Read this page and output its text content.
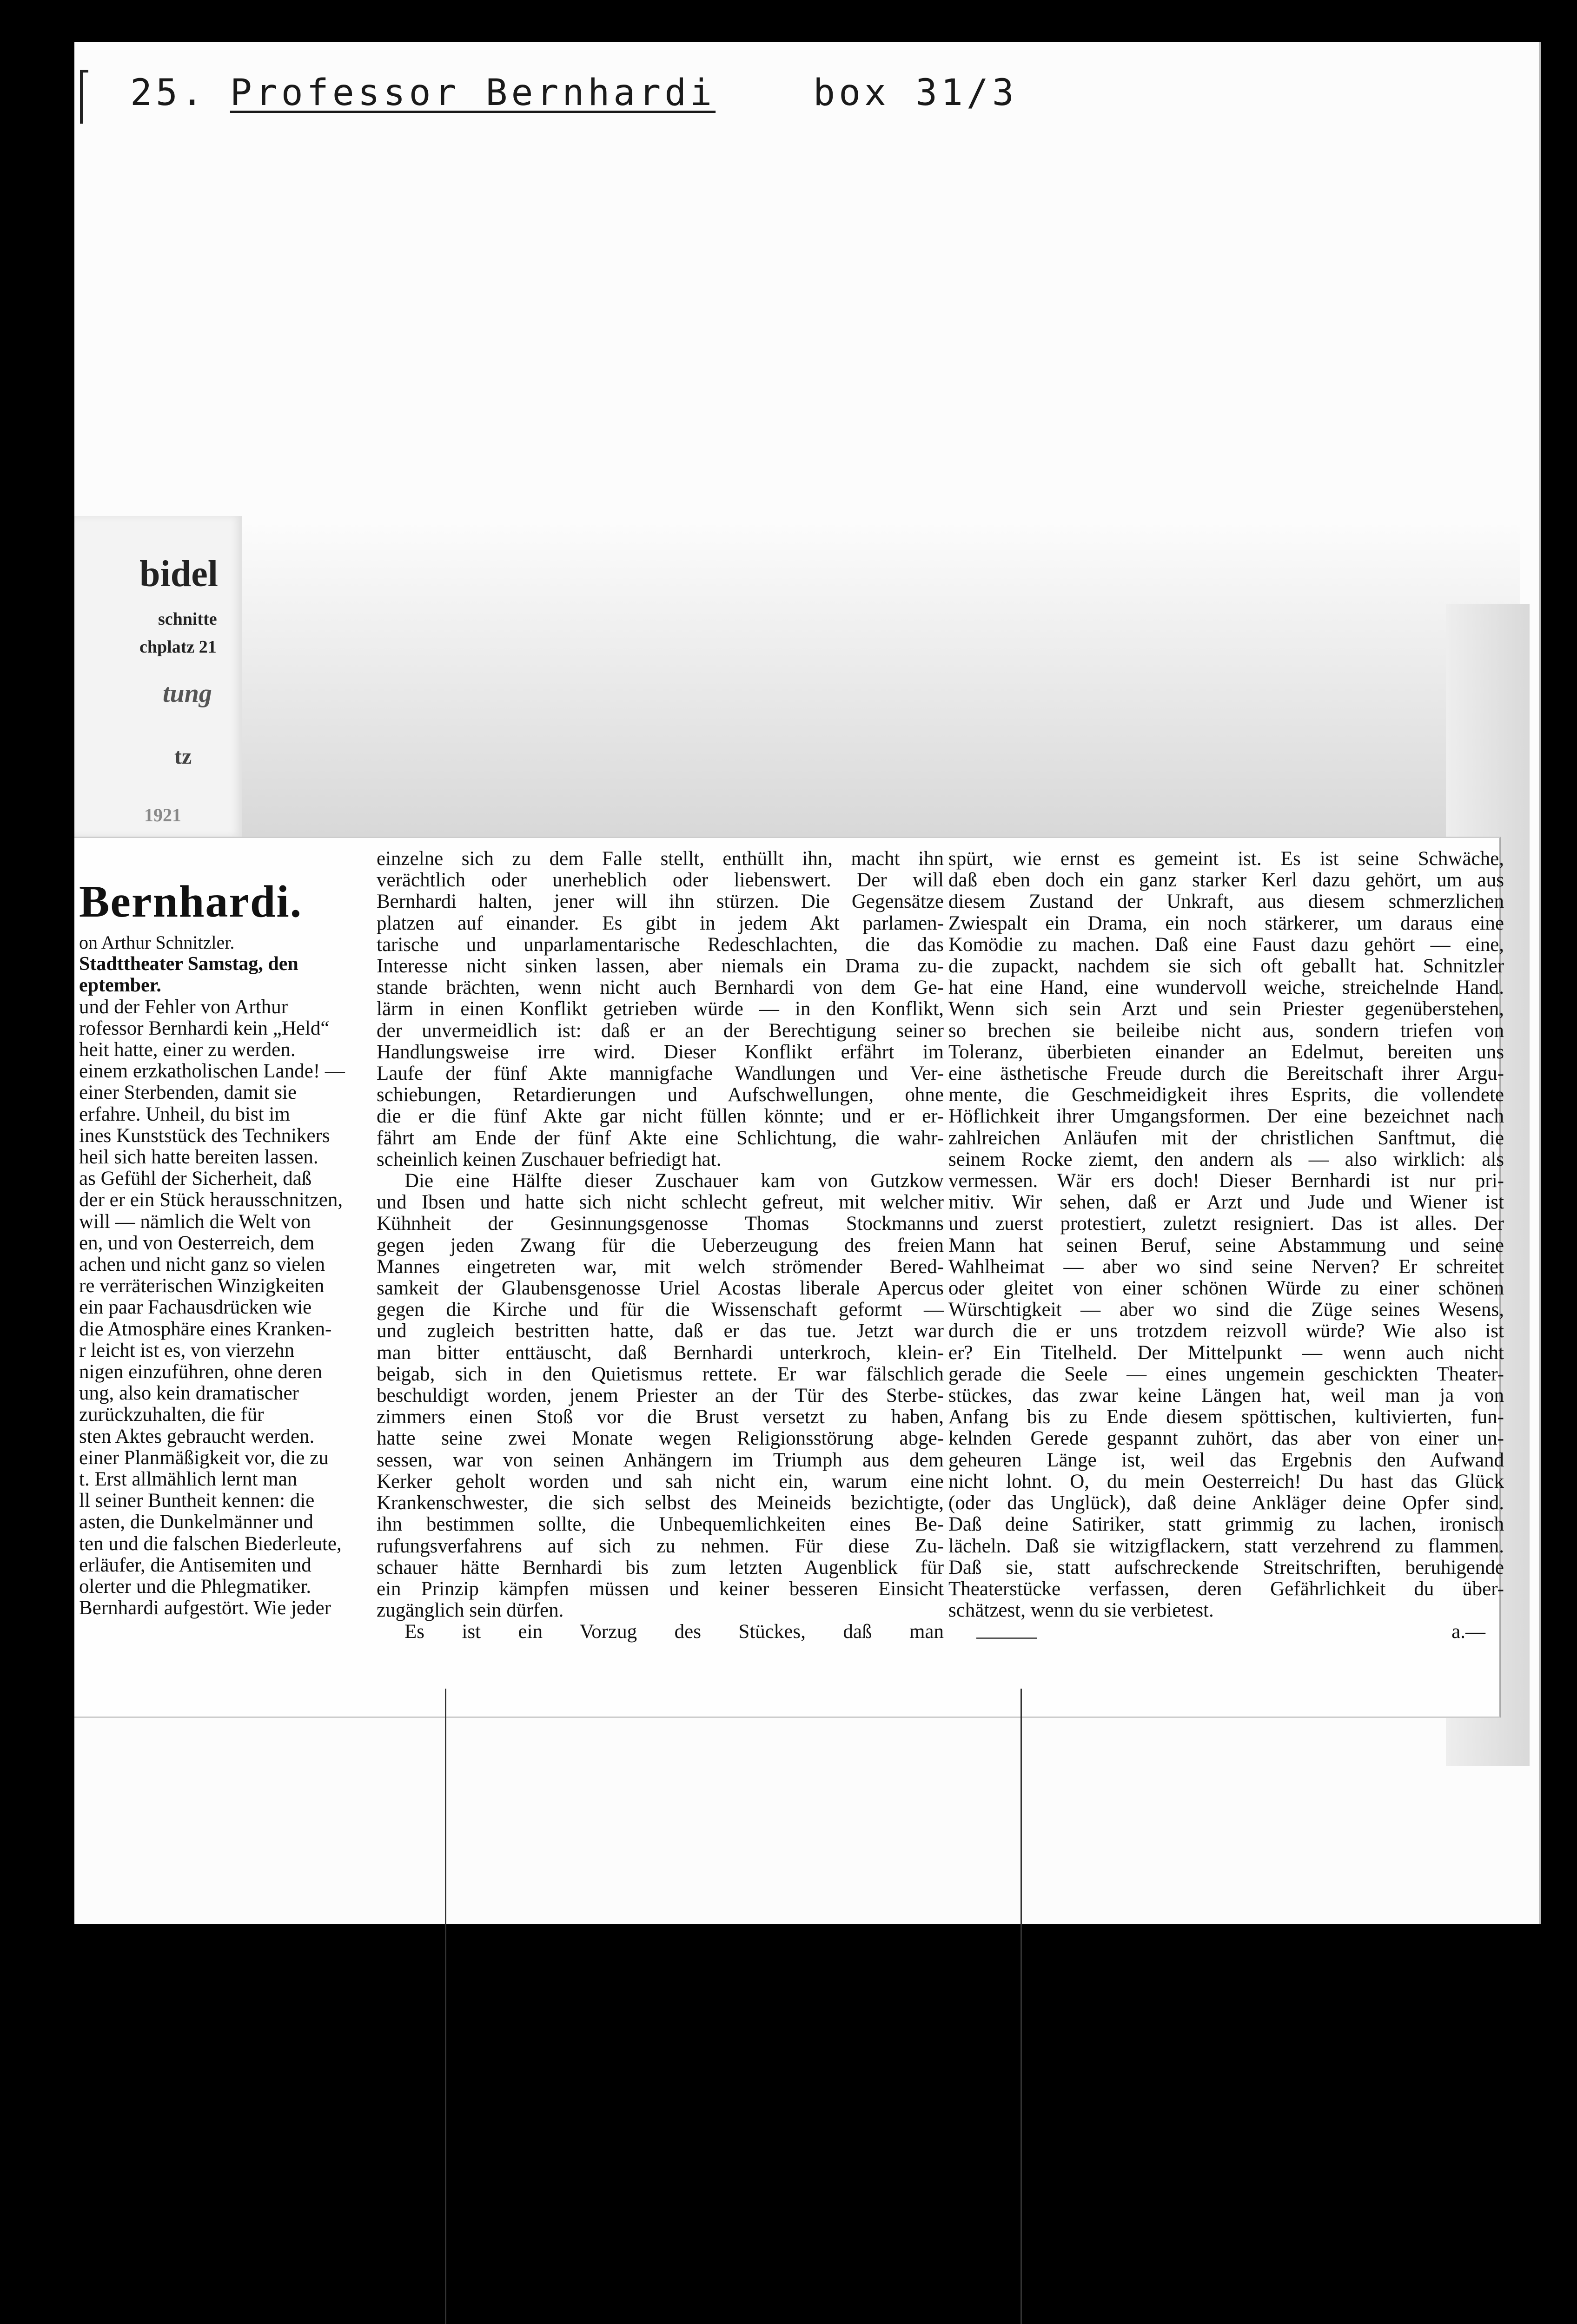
25. Professor Bernhardi	box 31/3
bidel
schnitte
chplatz 21
tung
tz
1921
Bernhardi.

on Arthur Schnitzler.

Stadttheater Samstag, den

eptember.

und der Fehler von Arthur

rofessor Bernhardi kein „Held“

heit hatte, einer zu werden.

einem erzkatholischen Lande! —

einer Sterbenden, damit sie

erfahre. Unheil, du bist im

ines Kunststück des Technikers

heil sich hatte bereiten lassen.

as Gefühl der Sicherheit, daß

der er ein Stück herausschnitzen,

will — nämlich die Welt von

en, und von Oesterreich, dem

achen und nicht ganz so vielen

re verräterischen Winzigkeiten

ein paar Fachausdrücken wie

die Atmosphäre eines Kranken-

r leicht ist es, von vierzehn

nigen einzuführen, ohne deren

ung, also kein dramatischer

zurückzuhalten, die für

sten Aktes gebraucht werden.

einer Planmäßigkeit vor, die zu

t. Erst allmählich lernt man

ll seiner Buntheit kennen: die

asten, die Dunkelmänner und

ten und die falschen Biederleute,

erläufer, die Antisemiten und

olerter und die Phlegmatiker.

Bernhardi aufgestört. Wie jeder

einzelne sich zu dem Falle stellt, enthüllt ihn, macht ihn

verächtlich oder unerheblich oder liebenswert. Der will

Bernhardi halten, jener will ihn stürzen. Die Gegensätze

platzen auf einander. Es gibt in jedem Akt parlamen-

tarische und unparlamentarische Redeschlachten, die das

Interesse nicht sinken lassen, aber niemals ein Drama zu-

stande brächten, wenn nicht auch Bernhardi von dem Ge-

lärm in einen Konflikt getrieben würde — in den Konflikt,

der unvermeidlich ist: daß er an der Berechtigung seiner

Handlungsweise irre wird. Dieser Konflikt erfährt im

Laufe der fünf Akte mannigfache Wandlungen und Ver-

schiebungen, Retardierungen und Aufschwellungen, ohne

die er die fünf Akte gar nicht füllen könnte; und er er-

fährt am Ende der fünf Akte eine Schlichtung, die wahr-

scheinlich keinen Zuschauer befriedigt hat.

Die eine Hälfte dieser Zuschauer kam von Gutzkow

und Ibsen und hatte sich nicht schlecht gefreut, mit welcher

Kühnheit der Gesinnungsgenosse Thomas Stockmanns

gegen jeden Zwang für die Ueberzeugung des freien

Mannes eingetreten war, mit welch strömender Bered-

samkeit der Glaubensgenosse Uriel Acostas liberale Apercus

gegen die Kirche und für die Wissenschaft geformt —

und zugleich bestritten hatte, daß er das tue. Jetzt war

man bitter enttäuscht, daß Bernhardi unterkroch, klein-

beigab, sich in den Quietismus rettete. Er war fälschlich

beschuldigt worden, jenem Priester an der Tür des Sterbe-

zimmers einen Stoß vor die Brust versetzt zu haben,

hatte seine zwei Monate wegen Religionsstörung abge-

sessen, war von seinen Anhängern im Triumph aus dem

Kerker geholt worden und sah nicht ein, warum eine

Krankenschwester, die sich selbst des Meineids bezichtigte,

ihn bestimmen sollte, die Unbequemlichkeiten eines Be-

rufungsverfahrens auf sich zu nehmen. Für diese Zu-

schauer hätte Bernhardi bis zum letzten Augenblick für

ein Prinzip kämpfen müssen und keiner besseren Einsicht

zugänglich sein dürfen.

Es ist ein Vorzug des Stückes, daß man

spürt, wie ernst es gemeint ist. Es ist seine Schwäche,

daß eben doch ein ganz starker Kerl dazu gehört, um aus

diesem Zustand der Unkraft, aus diesem schmerzlichen

Zwiespalt ein Drama, ein noch stärkerer, um daraus eine

Komödie zu machen. Daß eine Faust dazu gehört — eine,

die zupackt, nachdem sie sich oft geballt hat. Schnitzler

hat eine Hand, eine wundervoll weiche, streichelnde Hand.

Wenn sich sein Arzt und sein Priester gegenüberstehen,

so brechen sie beileibe nicht aus, sondern triefen von

Toleranz, überbieten einander an Edelmut, bereiten uns

eine ästhetische Freude durch die Bereitschaft ihrer Argu-

mente, die Geschmeidigkeit ihres Esprits, die vollendete

Höflichkeit ihrer Umgangsformen. Der eine bezeichnet nach

zahlreichen Anläufen mit der christlichen Sanftmut, die

seinem Rocke ziemt, den andern als — also wirklich: als

vermessen. Wär ers doch! Dieser Bernhardi ist nur pri-

mitiv. Wir sehen, daß er Arzt und Jude und Wiener ist

und zuerst protestiert, zuletzt resigniert. Das ist alles. Der

Mann hat seinen Beruf, seine Abstammung und seine

Wahlheimat — aber wo sind seine Nerven? Er schreitet

oder gleitet von einer schönen Würde zu einer schönen

Würschtigkeit — aber wo sind die Züge seines Wesens,

durch die er uns trotzdem reizvoll würde? Wie also ist

er? Ein Titelheld. Der Mittelpunkt — wenn auch nicht

gerade die Seele — eines ungemein geschickten Theater-

stückes, das zwar keine Längen hat, weil man ja von

Anfang bis zu Ende diesem spöttischen, kultivierten, fun-

kelnden Gerede gespannt zuhört, das aber von einer un-

geheuren Länge ist, weil das Ergebnis den Aufwand

nicht lohnt. O, du mein Oesterreich! Du hast das Glück

(oder das Unglück), daß deine Ankläger deine Opfer sind.

Daß deine Satiriker, statt grimmig zu lachen, ironisch

lächeln. Daß sie witzigflackern, statt verzehrend zu flammen.

Daß sie, statt aufschreckende Streitschriften, beruhigende

Theaterstücke verfassen, deren Gefährlichkeit du über-

schätzest, wenn du sie verbietest.

a.—
